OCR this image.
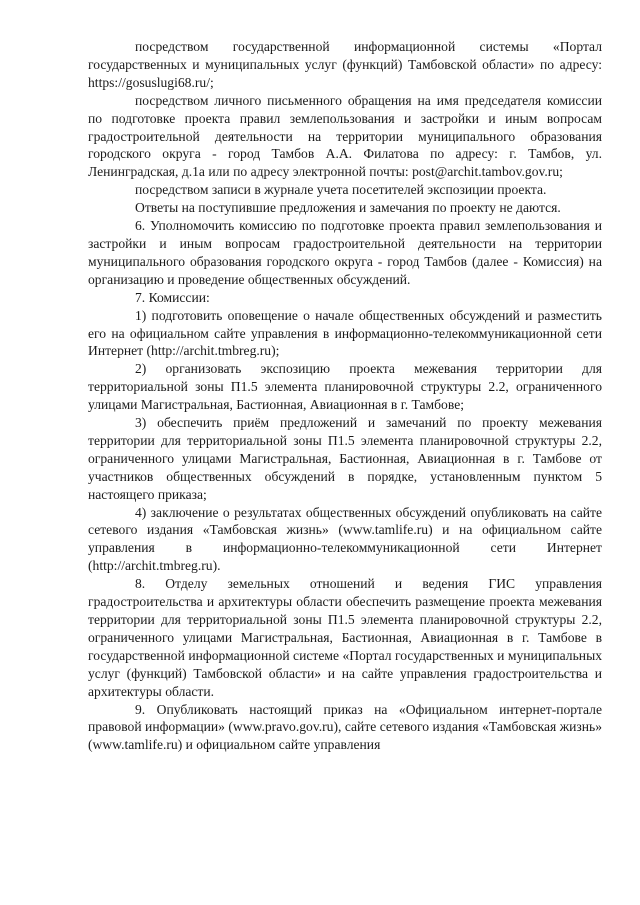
посредством государственной информационной системы «Портал государственных и муниципальных услуг (функций) Тамбовской области» по адресу: https://gosuslugi68.ru/;

посредством личного письменного обращения на имя председателя комиссии по подготовке проекта правил землепользования и застройки и иным вопросам градостроительной деятельности на территории муниципального образования городского округа - город Тамбов А.А. Филатова по адресу: г. Тамбов, ул. Ленинградская, д.1а или по адресу электронной почты: post@archit.tambov.gov.ru;

посредством записи в журнале учета посетителей экспозиции проекта.

Ответы на поступившие предложения и замечания по проекту не даются.

6. Уполномочить комиссию по подготовке проекта правил землепользования и застройки и иным вопросам градостроительной деятельности на территории муниципального образования городского округа - город Тамбов (далее - Комиссия) на организацию и проведение общественных обсуждений.

7. Комиссии:

1) подготовить оповещение о начале общественных обсуждений и разместить его на официальном сайте управления в информационно-телекоммуникационной сети Интернет (http://archit.tmbreg.ru);

2) организовать экспозицию проекта межевания территории для территориальной зоны П1.5 элемента планировочной структуры 2.2, ограниченного улицами Магистральная, Бастионная, Авиационная в г. Тамбове;

3) обеспечить приём предложений и замечаний по проекту межевания территории для территориальной зоны П1.5 элемента планировочной структуры 2.2, ограниченного улицами Магистральная, Бастионная, Авиационная в г. Тамбове от участников общественных обсуждений в порядке, установленным пунктом 5 настоящего приказа;

4) заключение о результатах общественных обсуждений опубликовать на сайте сетевого издания «Тамбовская жизнь» (www.tamlife.ru) и на официальном сайте управления в информационно-телекоммуникационной сети Интернет (http://archit.tmbreg.ru).

8. Отделу земельных отношений и ведения ГИС управления градостроительства и архитектуры области обеспечить размещение проекта межевания территории для территориальной зоны П1.5 элемента планировочной структуры 2.2, ограниченного улицами Магистральная, Бастионная, Авиационная в г. Тамбове в государственной информационной системе «Портал государственных и муниципальных услуг (функций) Тамбовской области» и на сайте управления градостроительства и архитектуры области.

9. Опубликовать настоящий приказ на «Официальном интернет-портале правовой информации» (www.pravo.gov.ru), сайте сетевого издания «Тамбовская жизнь» (www.tamlife.ru) и официальном сайте управления
